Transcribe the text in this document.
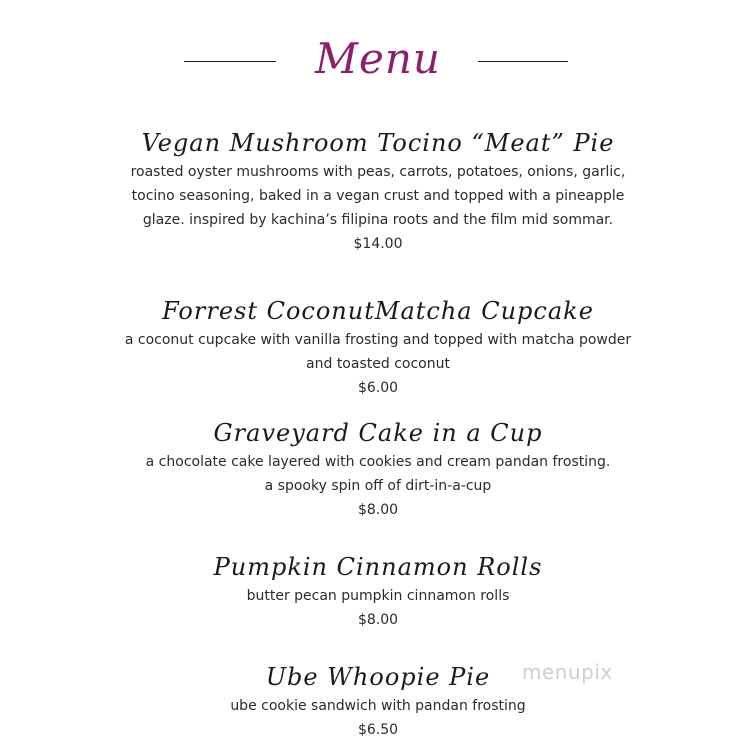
Menu
Vegan Mushroom Tocino “Meat” Pie
roasted oyster mushrooms with peas, carrots, potatoes, onions, garlic,
tocino seasoning, baked in a vegan crust and topped with a pineapple
glaze. inspired by kachina’s filipina roots and the film mid sommar.
$14.00
Forrest CoconutMatcha Cupcake
a coconut cupcake with vanilla frosting and topped with matcha powder
and toasted coconut
$6.00
Graveyard Cake in a Cup
a chocolate cake layered with cookies and cream pandan frosting.
a spooky spin off of dirt-in-a-cup
$8.00
Pumpkin Cinnamon Rolls
butter pecan pumpkin cinnamon rolls
$8.00
Ube Whoopie Pie
ube cookie sandwich with pandan frosting
$6.50
menupix
